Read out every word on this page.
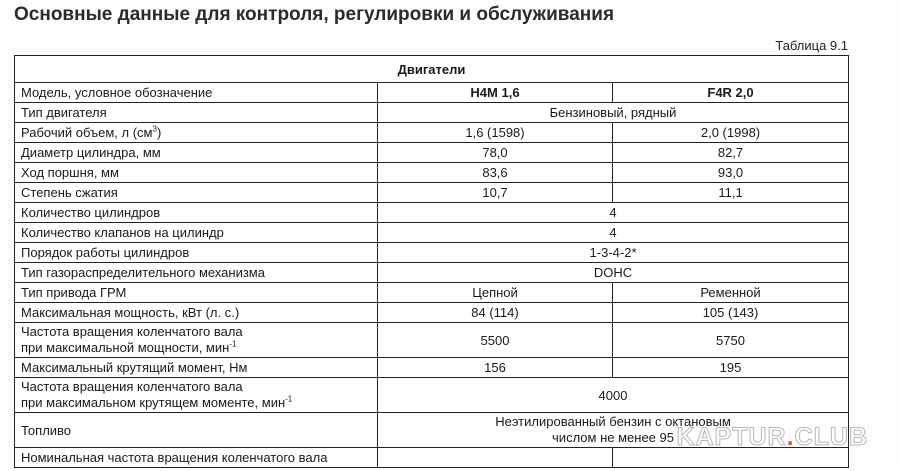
Основные данные для контроля, регулировки и обслуживания
Таблица 9.1
Двигатели		
Модель, условное обозначение	H4M 1,6	F4R 2,0
Тип двигателя	Бензиновый, рядный	
Рабочий объем, л $(см^3)$	1,6 (1598)	2,0 (1998)
Диаметр цилиндра, мм	78,0	82,7
Ход поршня, мм	83,6	93,0
Степень сжатия	10,7	11,1
Количество цилиндров	4	
Количество клапанов на цилиндр	4	
Порядок работы цилиндров	1-3-4-2*	
Тип газораспределительного механизма	DOHC	
Тип привода ГРМ	Цепной	Ременной
Максимальная мощность, кВт (л. с.)	84 (114)	105 (143)
Частота вращения коленчатого вала
при максимальной мощности, мин$^{-1}$	5500	5750
Максимальный крутящий момент, Нм	156	195
Частота вращения коленчатого вала
при максимальном крутящем моменте, мин$^{-1}$	4000	
Топливо	Неэтилированный бензин с октановым
числом не менее 95	
Номинальная частота вращения коленчатого вала		
KAPTUR.CLUB
